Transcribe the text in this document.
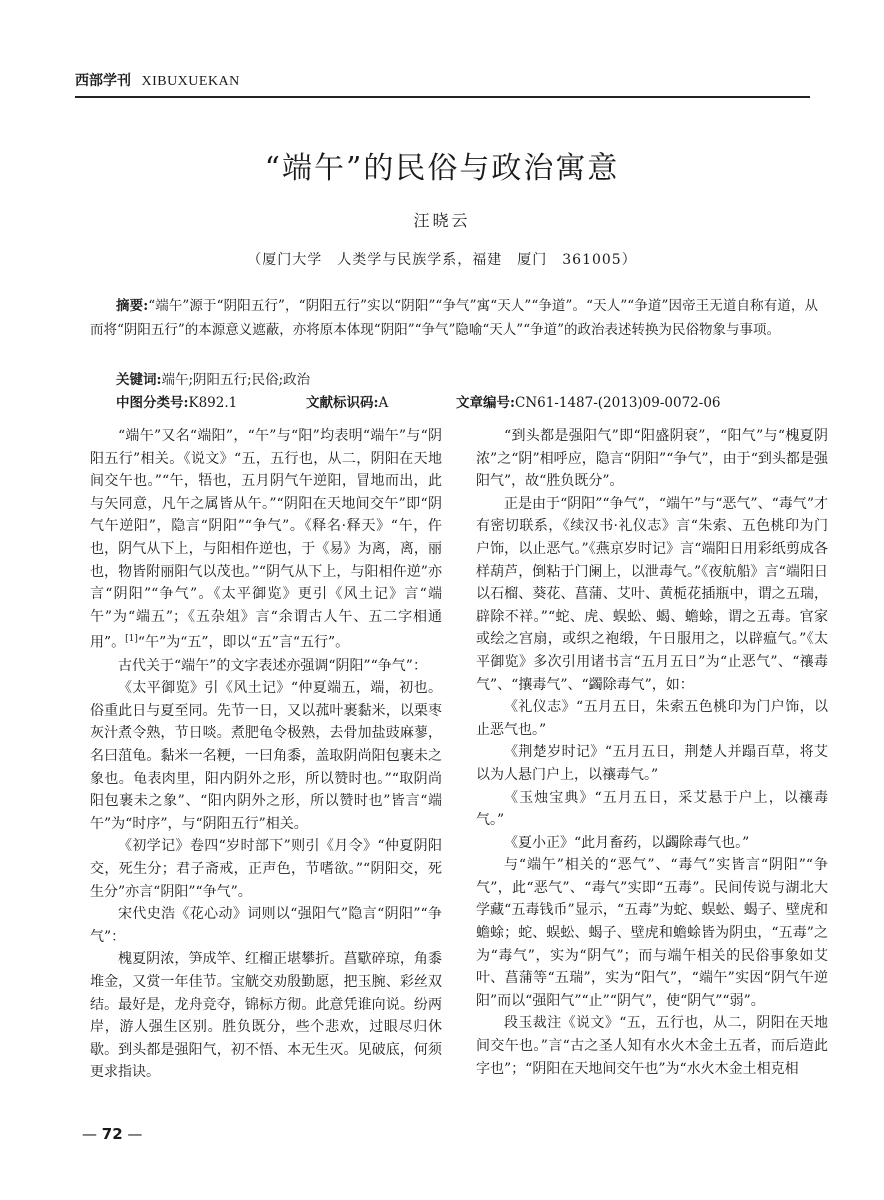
西部学刊 XIBUXUEKAN
“端午”的民俗与政治寓意
汪晓云
（厦门大学　人类学与民族学系，福建　厦门　361005）
摘要:“端午”源于“阴阳五行”，“阴阳五行”实以“阴阳”“争气”寓“天人”“争道”。“天人”“争道”因帝王无道自称有道，从而将“阴阳五行”的本源意义遮蔽，亦将原本体现“阴阳”“争气”隐喻“天人”“争道”的政治表述转换为民俗物象与事项。
关键词:端午;阴阳五行;民俗;政治
中图分类号:K892.1	文献标识码:A	文章编号:CN61-1487-(2013)09-0072-06

“端午”又名“端阳”，“午”与“阳”均表明“端午”与“阴阳五行”相关。《说文》“五，五行也，从二，阴阳在天地间交午也。”“午，牾也，五月阴气午逆阳，冒地而出，此与矢同意，凡午之属皆从午。”“阴阳在天地间交午”即“阴气午逆阳”，隐言“阴阳”“争气”。《释名·释天》“午，仵也，阴气从下上，与阳相仵逆也，于《易》为离，离，丽也，物皆附丽阳气以茂也。”“阴气从下上，与阳相仵逆”亦言“阴阳”“争气”。《太平御览》更引《风土记》言“端午”为“端五”；《五杂俎》言“余谓古人午、五二字相通用”。[1]“午”为“五”，即以“五”言“五行”。

古代关于“端午”的文字表述亦强调“阴阳”“争气”：

《太平御览》引《风土记》“仲夏端五，端，初也。俗重此日与夏至同。先节一日，又以菰叶裹黏米，以栗枣灰汁煮令熟，节日啖。煮肥龟令极熟，去骨加盐豉麻蓼，名曰菹龟。黏米一名粳，一曰角黍，盖取阴尚阳包裹未之象也。龟表肉里，阳内阴外之形，所以赞时也。”“取阴尚阳包裹未之象”、“阳内阴外之形，所以赞时也”皆言“端午”为“时序”，与“阴阳五行”相关。

《初学记》卷四“岁时部下”则引《月令》“仲夏阴阳交，死生分；君子斋戒，正声色，节嗜欲。”“阴阳交，死生分”亦言“阴阳”“争气”。

宋代史浩《花心动》词则以“强阳气”隐言“阴阳”“争气”：

槐夏阴浓，笋成竿、红榴正堪攀折。菖歜碎琼，角黍堆金，又赏一年佳节。宝觥交劝殷勤愿，把玉腕、彩丝双结。最好是，龙舟竞夺，锦标方彻。此意凭谁向说。纷两岸，游人强生区别。胜负既分，些个悲欢，过眼尽归休歇。到头都是强阳气，初不悟、本无生灭。见破底，何须更求指诀。

“到头都是强阳气”即“阳盛阴衰”，“阳气”与“槐夏阴浓”之“阴”相呼应，隐言“阴阳”“争气”，由于“到头都是强阳气”，故“胜负既分”。

正是由于“阴阳”“争气”，“端午”与“恶气”、“毒气”才有密切联系，《续汉书·礼仪志》言“朱索、五色桃印为门户饰，以止恶气。”《燕京岁时记》言“端阳日用彩纸剪成各样葫芦，倒粘于门阑上，以泄毒气。”《夜航船》言“端阳日以石榴、葵花、菖蒲、艾叶、黄栀花插瓶中，谓之五瑞，辟除不祥。”“蛇、虎、蜈蚣、蝎、蟾蜍，谓之五毒。官家或绘之宫扇，或织之袍缎，午日服用之，以辟瘟气。”《太平御览》多次引用诸书言“五月五日”为“止恶气”、“禳毒气”、“攘毒气”、“蠲除毒气”，如：

《礼仪志》“五月五日，朱索五色桃印为门户饰，以止恶气也。”

《荆楚岁时记》“五月五日，荆楚人并蹋百草，将艾以为人悬门户上，以禳毒气。”

《玉烛宝典》“五月五日，采艾悬于户上，以禳毒气。”

《夏小正》“此月畜药，以蠲除毒气也。”

与“端午”相关的“恶气”、“毒气”实皆言“阴阳”“争气”，此“恶气”、“毒气”实即“五毒”。民间传说与湖北大学藏“五毒钱币”显示，“五毒”为蛇、蜈蚣、蝎子、壁虎和蟾蜍；蛇、蜈蚣、蝎子、壁虎和蟾蜍皆为阴虫，“五毒”之为“毒气”，实为“阴气”；而与端午相关的民俗事象如艾叶、菖蒲等“五瑞”，实为“阳气”，“端午”实因“阴气午逆阳”而以“强阳气”“止”“阴气”，使“阴气”“弱”。

段玉裁注《说文》“五，五行也，从二，阴阳在天地间交午也。”言“古之圣人知有水火木金土五者，而后造此字也”；“阴阳在天地间交午也”为“水火木金土相克相

— 72 —
